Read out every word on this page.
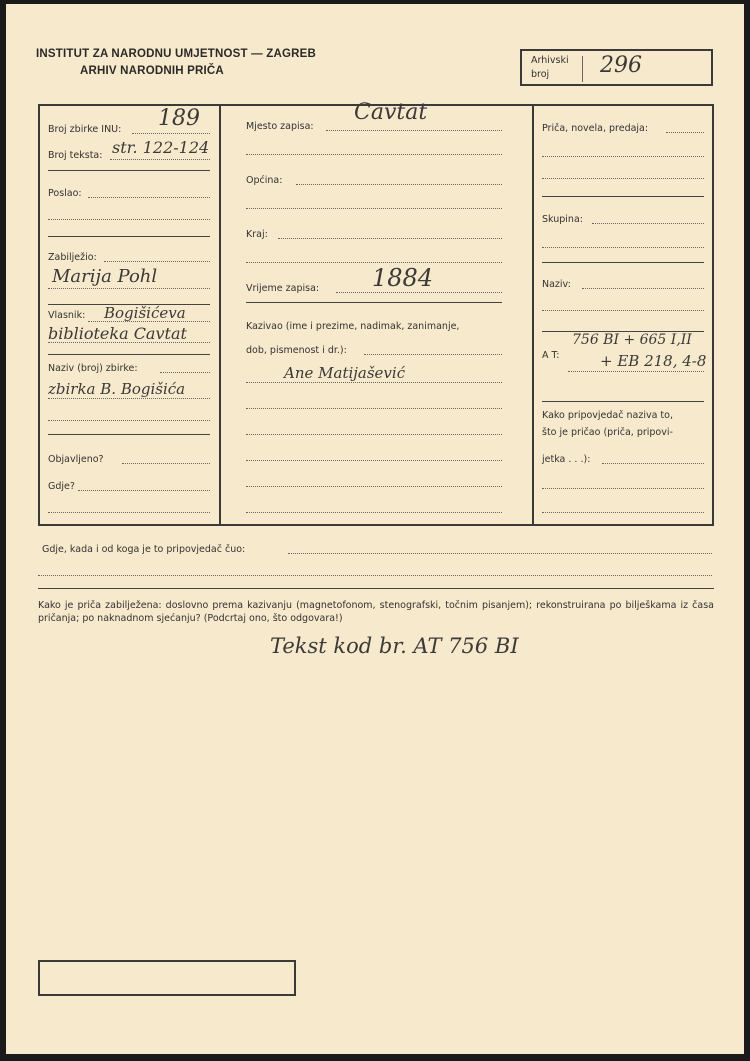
INSTITUT ZA NARODNU UMJETNOST — ZAGREB
ARHIV NARODNIH PRIČA
Arhivski
broj 296
Broj zbirke INU: 189
Broj teksta: str. 122-124
Poslao:
Zabilježio:
Marija Pohl
Vlasnik: Bogišićeva
biblioteka Cavtat
Naziv (broj) zbirke:
zbirka B. Bogišića
Objavljeno?
Gdje?
Mjesto zapisa:
Cavtat
Općina:
Kraj:
Vrijeme zapisa: 1884
Kazivao (ime i prezime, nadimak, zanimanje,
dob, pismenost i dr.):
Ane Matijašević
Priča, novela, predaja:
Skupina:
Naziv:
A T:
756 BI + 665 I,II
+ EB 218, 4-8
Kako pripovjedač naziva to,
što je pričao (priča, pripovi-
jetka . . .):
Gdje, kada i od koga je to pripovjedač čuo:
Kako je priča zabilježena: doslovno prema kazivanju (magnetofonom, stenografski, točnim pisanjem); rekonstruirana po bilješkama iz časa pričanja; po naknadnom sjećanju? (Podcrtaj ono, što odgovara!)
Tekst kod br. AT 756 BI
